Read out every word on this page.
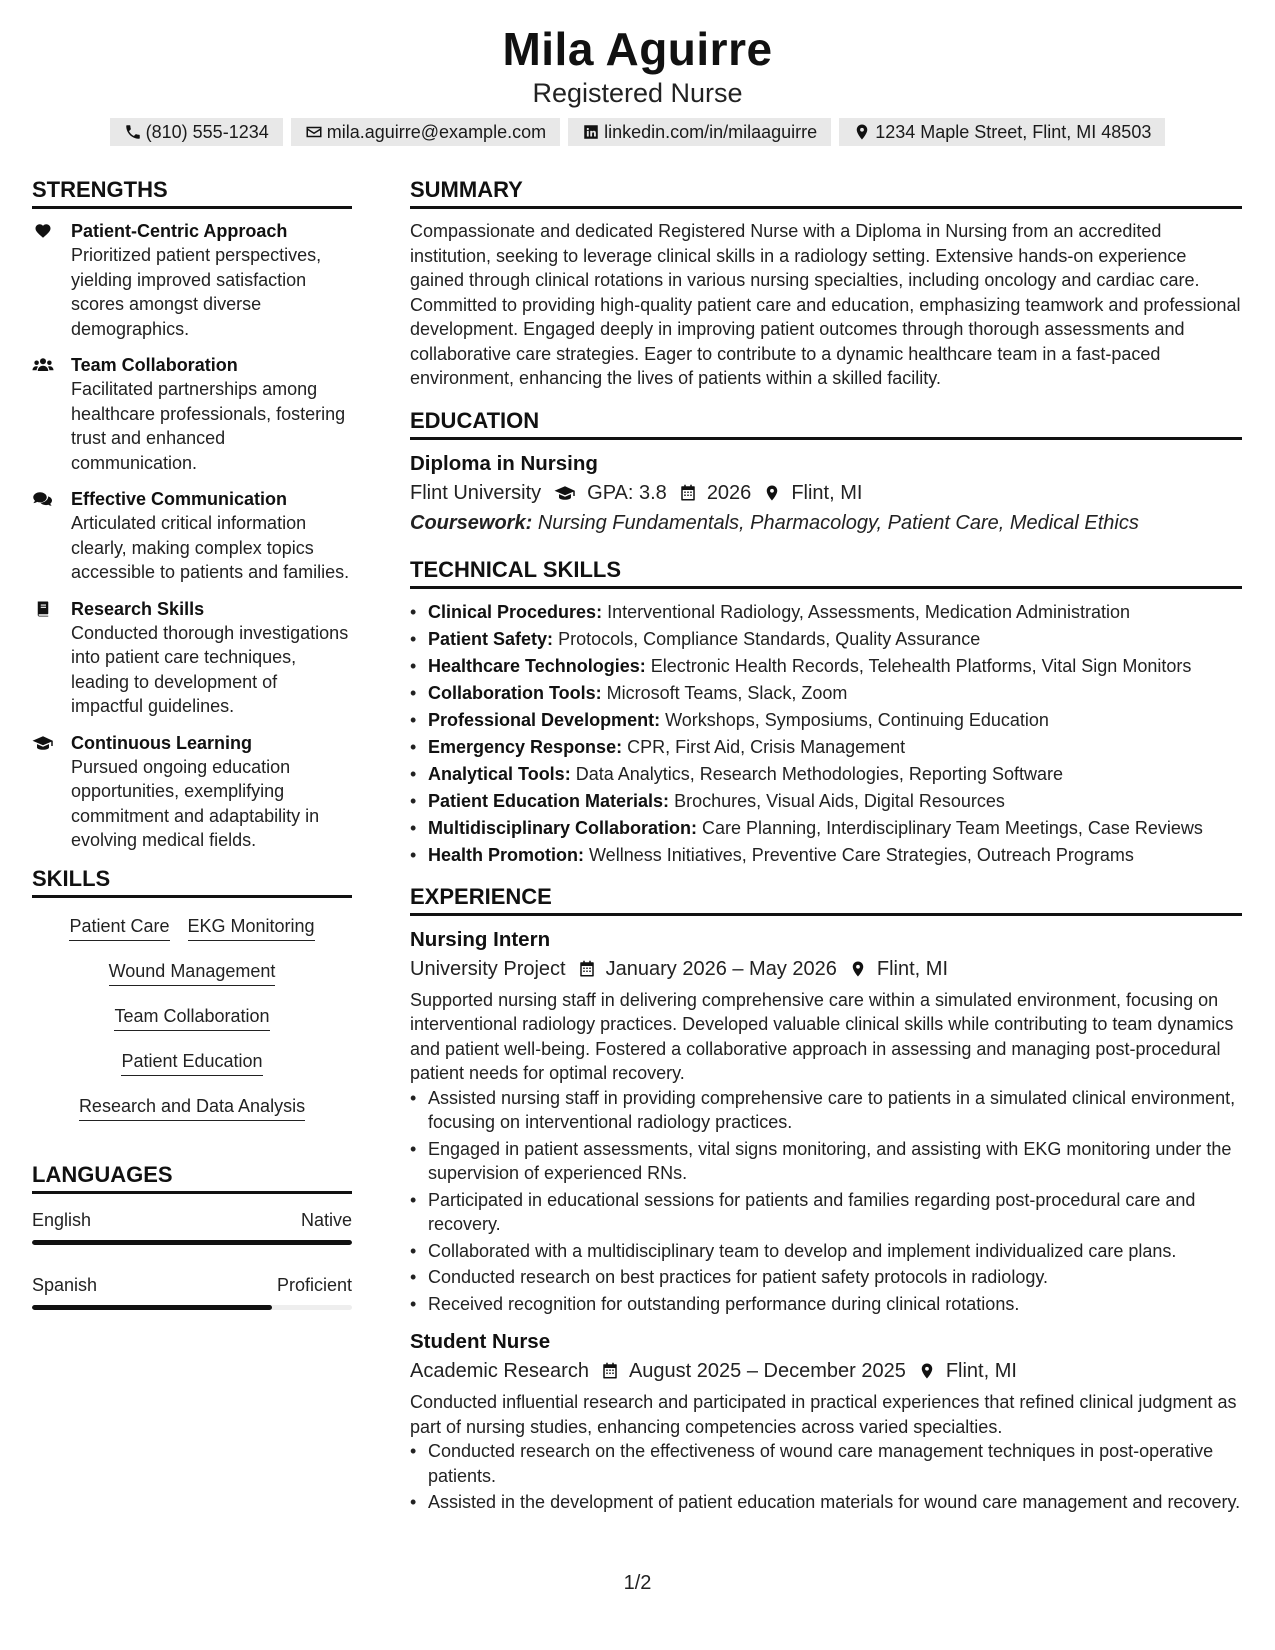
Mila Aguirre
Registered Nurse
(810) 555-1234	mila.aguirre@example.com	linkedin.com/in/milaaguirre	1234 Maple Street, Flint, MI 48503
STRENGTHS
Patient-Centric Approach
Prioritized patient perspectives, yielding improved satisfaction scores amongst diverse demographics.
Team Collaboration
Facilitated partnerships among healthcare professionals, fostering trust and enhanced communication.
Effective Communication
Articulated critical information clearly, making complex topics accessible to patients and families.
Research Skills
Conducted thorough investigations into patient care techniques, leading to development of impactful guidelines.
Continuous Learning
Pursued ongoing education opportunities, exemplifying commitment and adaptability in evolving medical fields.
SKILLS
Patient Care EKG Monitoring
Wound Management
Team Collaboration
Patient Education
Research and Data Analysis
LANGUAGES
English	Native
Spanish	Proficient
SUMMARY
Compassionate and dedicated Registered Nurse with a Diploma in Nursing from an accredited institution, seeking to leverage clinical skills in a radiology setting. Extensive hands-on experience gained through clinical rotations in various nursing specialties, including oncology and cardiac care. Committed to providing high-quality patient care and education, emphasizing teamwork and professional development. Engaged deeply in improving patient outcomes through thorough assessments and collaborative care strategies. Eager to contribute to a dynamic healthcare team in a fast-paced environment, enhancing the lives of patients within a skilled facility.
EDUCATION
Diploma in Nursing
Flint University GPA: 3.8 2026 Flint, MI
Coursework: Nursing Fundamentals, Pharmacology, Patient Care, Medical Ethics
TECHNICAL SKILLS
• Clinical Procedures: Interventional Radiology, Assessments, Medication Administration
• Patient Safety: Protocols, Compliance Standards, Quality Assurance
• Healthcare Technologies: Electronic Health Records, Telehealth Platforms, Vital Sign Monitors
• Collaboration Tools: Microsoft Teams, Slack, Zoom
• Professional Development: Workshops, Symposiums, Continuing Education
• Emergency Response: CPR, First Aid, Crisis Management
• Analytical Tools: Data Analytics, Research Methodologies, Reporting Software
• Patient Education Materials: Brochures, Visual Aids, Digital Resources
• Multidisciplinary Collaboration: Care Planning, Interdisciplinary Team Meetings, Case Reviews
• Health Promotion: Wellness Initiatives, Preventive Care Strategies, Outreach Programs
EXPERIENCE
Nursing Intern
University Project January 2026 – May 2026 Flint, MI
Supported nursing staff in delivering comprehensive care within a simulated environment, focusing on interventional radiology practices. Developed valuable clinical skills while contributing to team dynamics and patient well-being. Fostered a collaborative approach in assessing and managing post-procedural patient needs for optimal recovery.
• Assisted nursing staff in providing comprehensive care to patients in a simulated clinical environment, focusing on interventional radiology practices.
• Engaged in patient assessments, vital signs monitoring, and assisting with EKG monitoring under the supervision of experienced RNs.
• Participated in educational sessions for patients and families regarding post-procedural care and recovery.
• Collaborated with a multidisciplinary team to develop and implement individualized care plans.
• Conducted research on best practices for patient safety protocols in radiology.
• Received recognition for outstanding performance during clinical rotations.
Student Nurse
Academic Research August 2025 – December 2025 Flint, MI
Conducted influential research and participated in practical experiences that refined clinical judgment as part of nursing studies, enhancing competencies across varied specialties.
• Conducted research on the effectiveness of wound care management techniques in post-operative patients.
• Assisted in the development of patient education materials for wound care management and recovery.
1/2
